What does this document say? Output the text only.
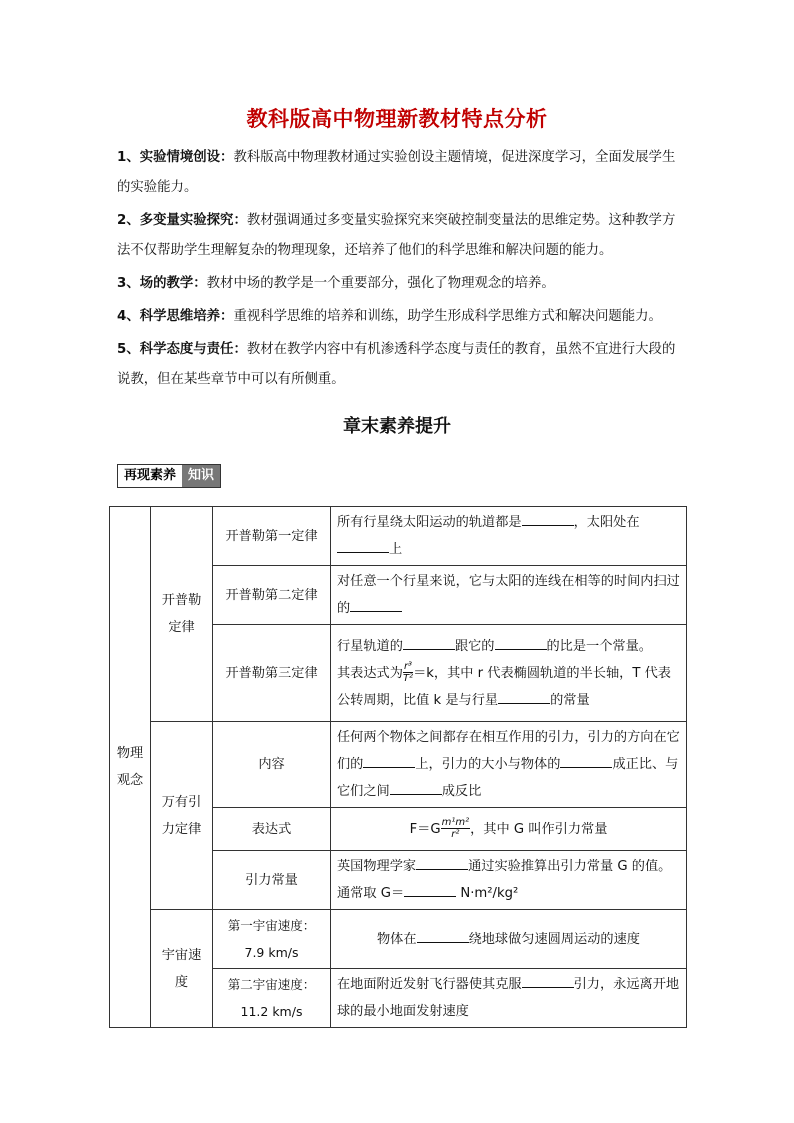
教科版高中物理新教材特点分析

1、实验情境创设：教科版高中物理教材通过实验创设主题情境，促进深度学习，全面发展学生的实验能力。

2、多变量实验探究：教材强调通过多变量实验探究来突破控制变量法的思维定势。这种教学方法不仅帮助学生理解复杂的物理现象，还培养了他们的科学思维和解决问题的能力。

3、场的教学：教材中场的教学是一个重要部分，强化了物理观念的培养。

4、科学思维培养：重视科学思维的培养和训练，助学生形成科学思维方式和解决问题能力。

5、科学态度与责任：教材在教学内容中有机渗透科学态度与责任的教育，虽然不宜进行大段的说教，但在某些章节中可以有所侧重。

章末素养提升
再现素养 知识
物理观念	开普勒定律	开普勒第一定律	所有行星绕太阳运动的轨道都是 ，太阳处在上
		开普勒第二定律	对任意一个行星来说，它与太阳的连线在相等的时间内扫过的
		开普勒第三定律	行星轨道的 跟它的 的比是一个常量。
其表达式为 $\frac{\text{r³}}{\text{T²}} =k$，其中 r 代表椭圆轨道的半长轴，T 代表公转周期，比值 k 是与行星 的常量
	万有引力定律	内容	任何两个物体之间都存在相互作用的引力，引力的方向在它们的 上，引力的大小与物体的 成正比、与它们之间 成反比
		表达式	$F=G \frac{\text{m¹m²}}{\text{r²}}$ ，其中 G 叫作引力常量
		引力常量	英国物理学家 通过实验推算出引力常量 G 的值。通常取 G＝ N·m²/kg²
	宇宙速度	第一宇宙速度：7.9 km/s	物体在 绕地球做匀速圆周运动的速度
		第二宇宙速度：11.2 km/s	在地面附近发射飞行器使其克服 引力，永远离开地球的最小地面发射速度
